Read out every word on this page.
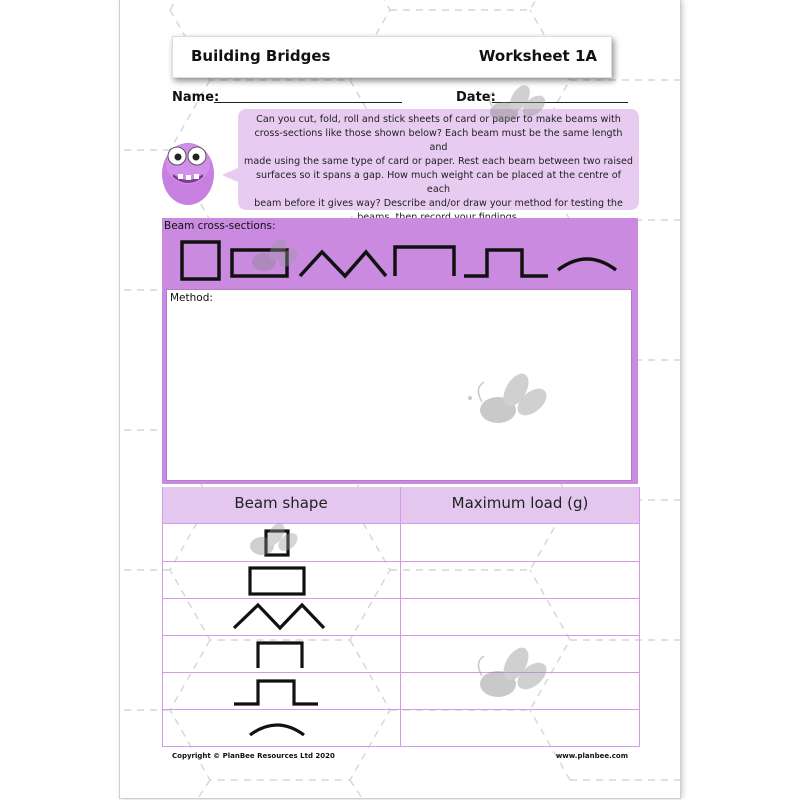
Building Bridges	Worksheet 1A
Name:	Date:
Can you cut, fold, roll and stick sheets of card or paper to make beams with
cross-sections like those shown below? Each beam must be the same length and
made using the same type of card or paper. Rest each beam between two raised
surfaces so it spans a gap. How much weight can be placed at the centre of each
beam before it gives way? Describe and/or draw your method for testing the
Beam cross-sections:
Method:
Beam shape	Maximum load (g)
Copyright © PlanBee Resources Ltd 2020	www.planbee.com
